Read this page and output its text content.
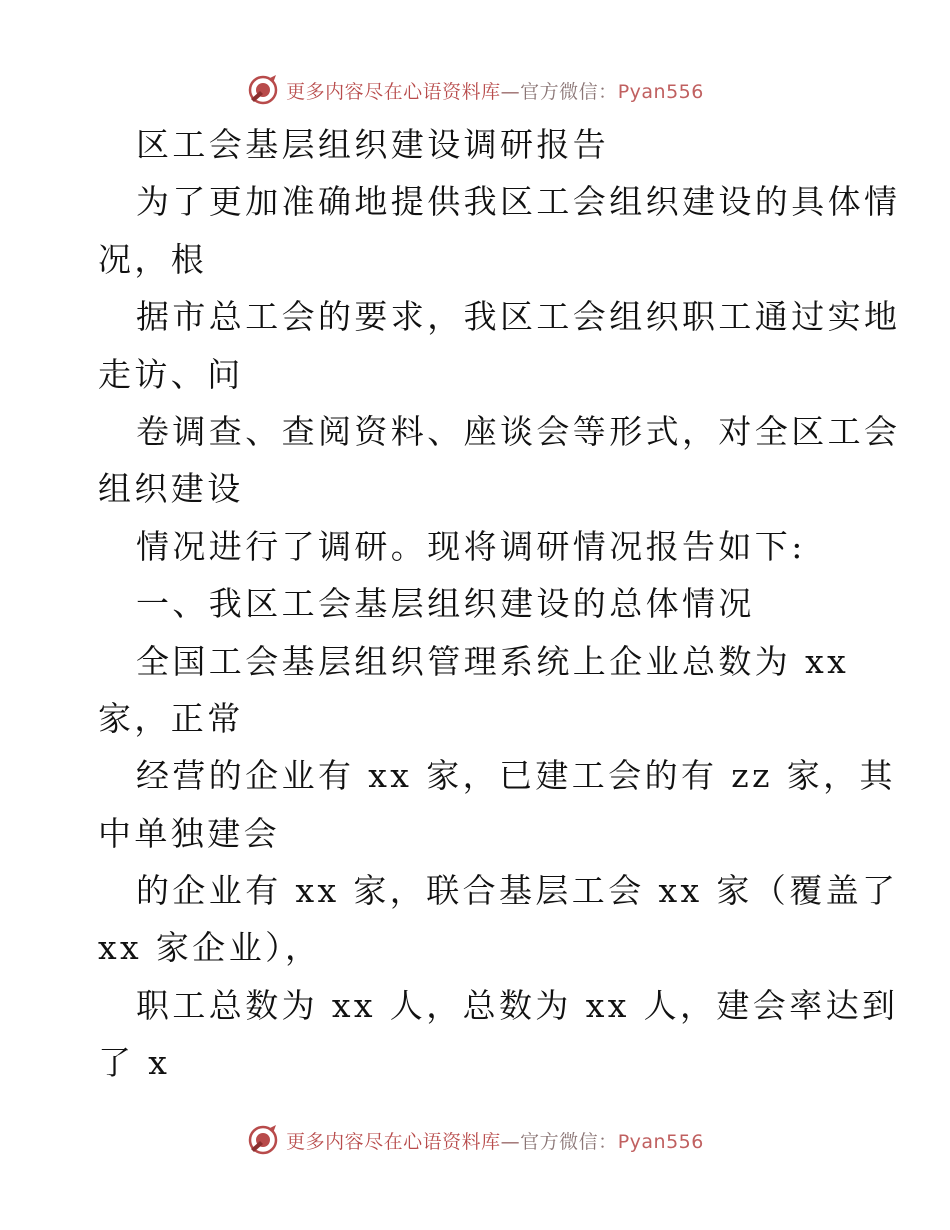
更多内容尽在心语资料库—官方微信：Pyan556
区工会基层组织建设调研报告
为了更加准确地提供我区工会组织建设的具体情
况，根
据市总工会的要求，我区工会组织职工通过实地
走访、问
卷调查、查阅资料、座谈会等形式，对全区工会
组织建设
情况进行了调研。现将调研情况报告如下:
一、我区工会基层组织建设的总体情况
全国工会基层组织管理系统上企业总数为 xx
家，正常
经营的企业有 xx 家，已建工会的有 zz 家，其
中单独建会
的企业有 xx 家，联合基层工会 xx 家（覆盖了
xx 家企业），
职工总数为 xx 人，总数为 xx 人，建会率达到
了 x
更多内容尽在心语资料库—官方微信：Pyan556
